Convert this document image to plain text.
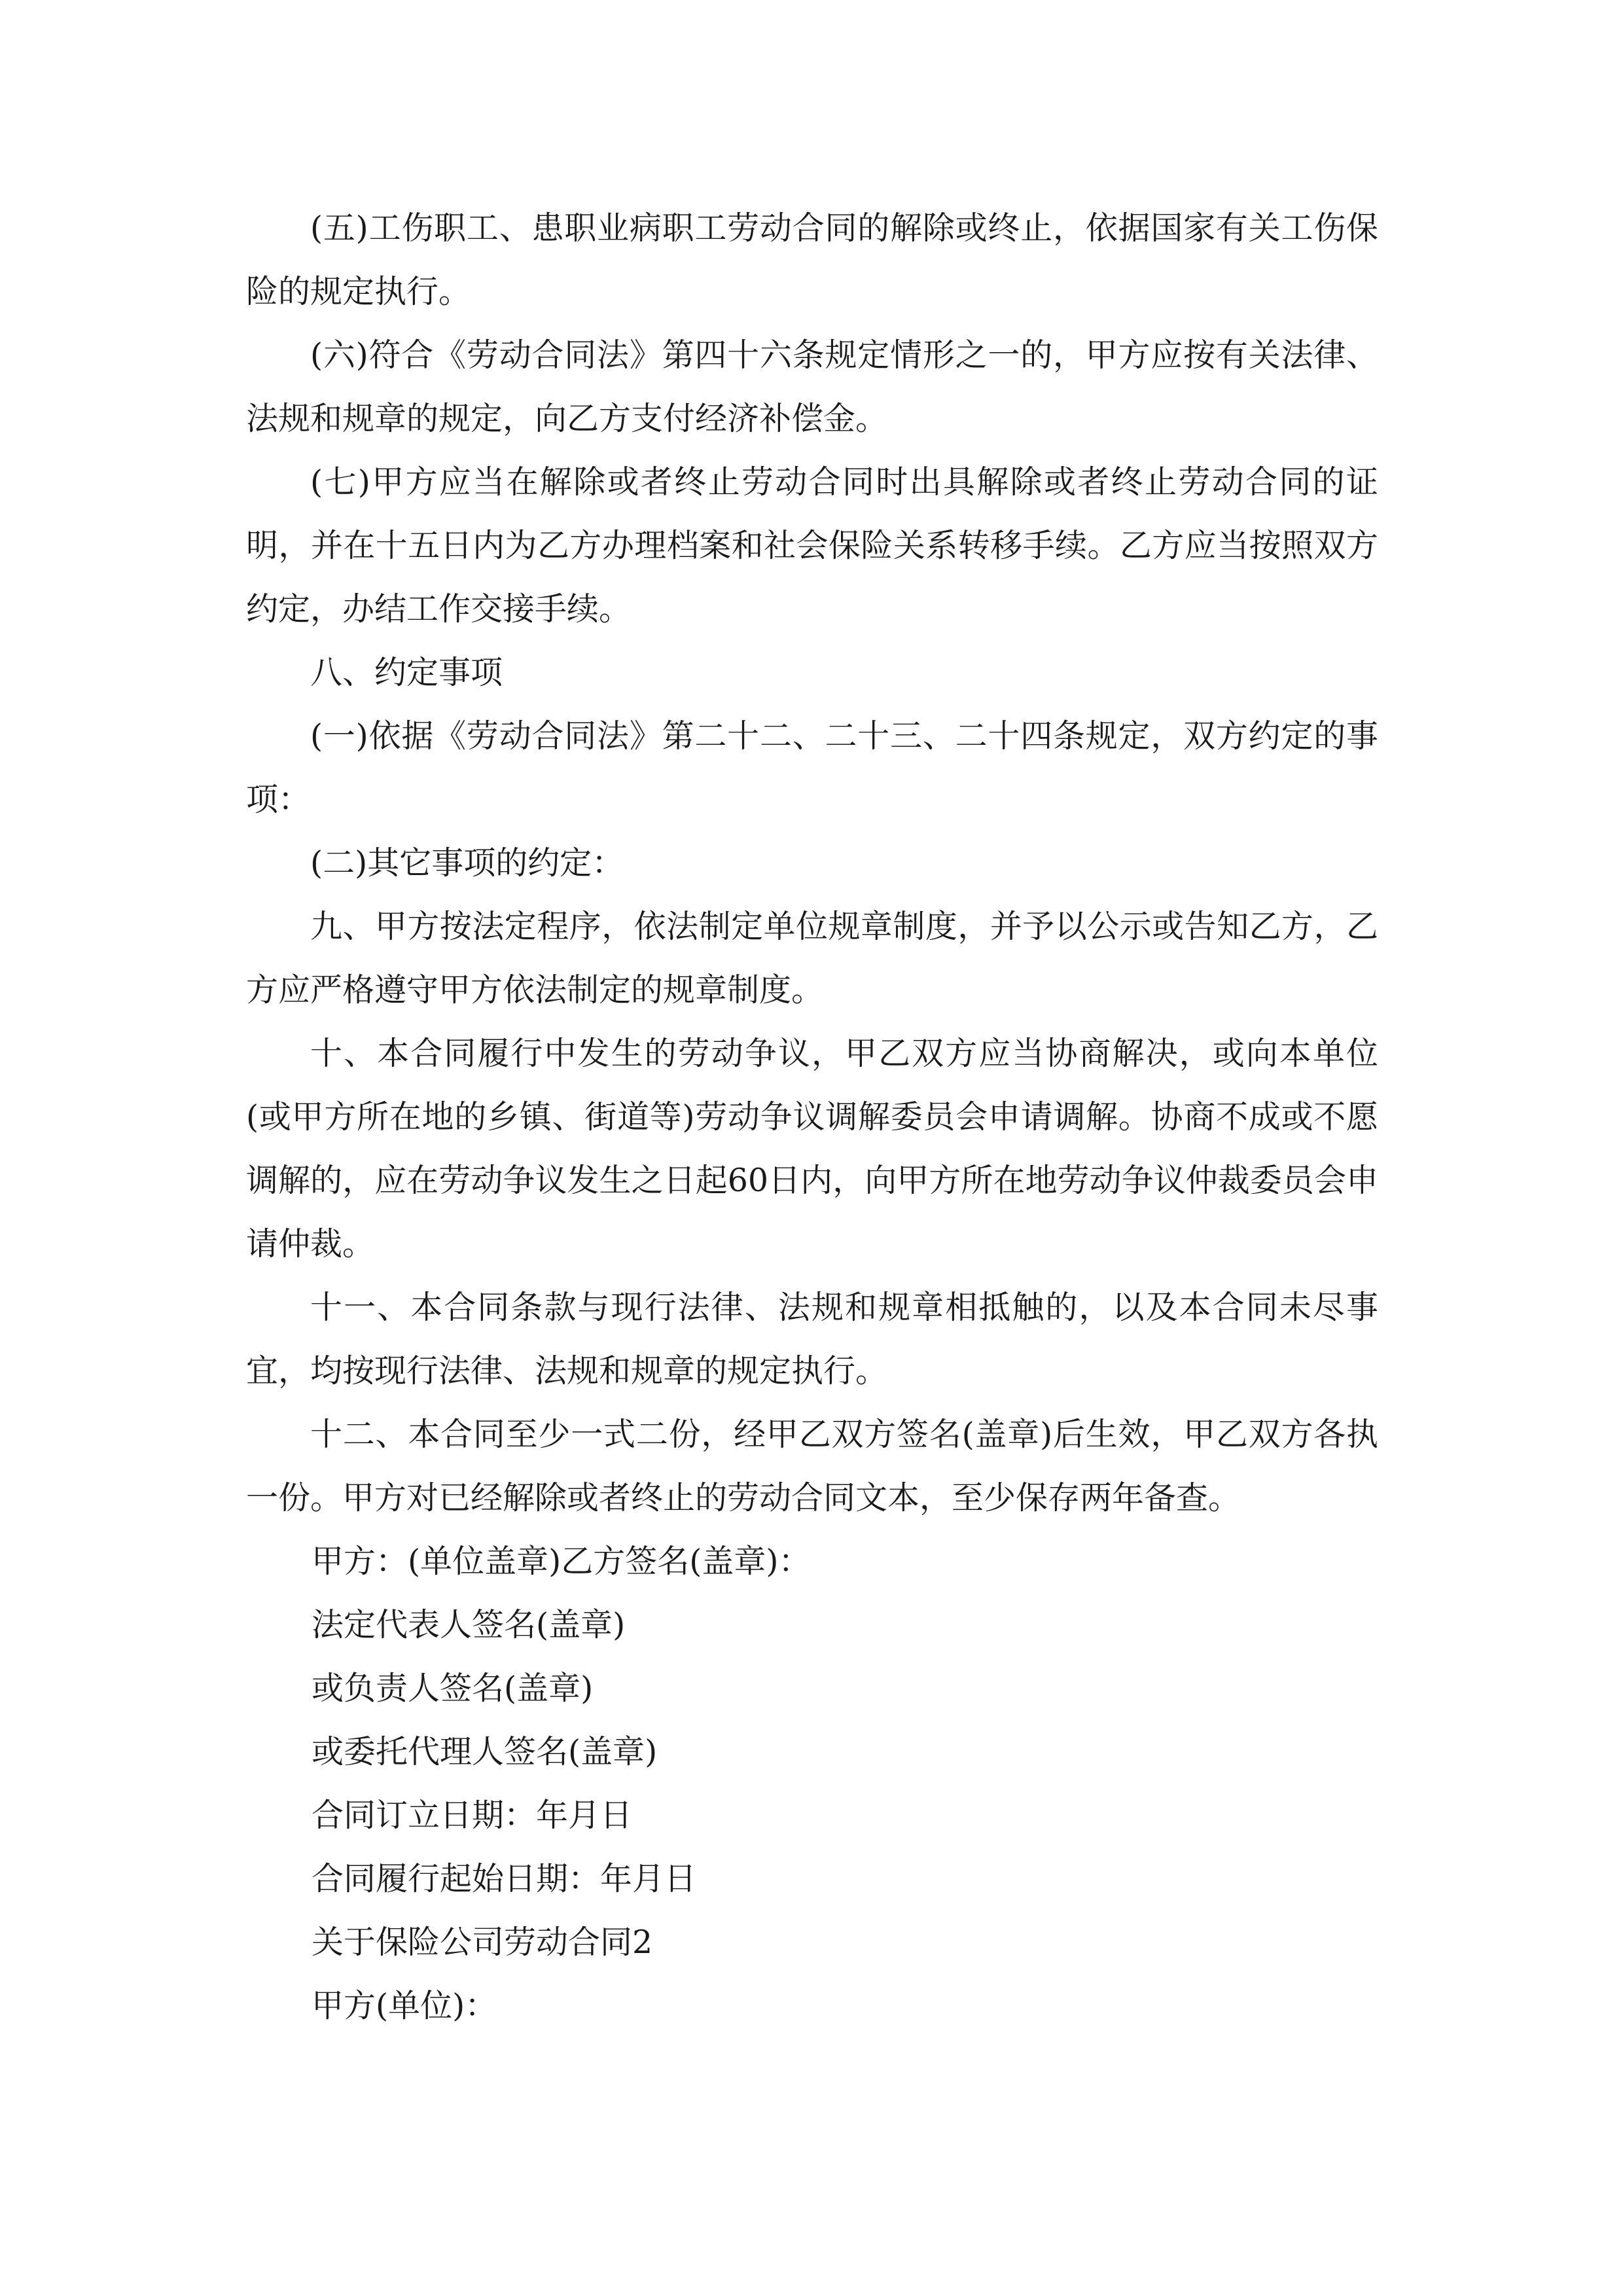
(五)工伤职工、患职业病职工劳动合同的解除或终止，依据国家有关工伤保险的规定执行。

(六)符合《劳动合同法》第四十六条规定情形之一的，甲方应按有关法律、法规和规章的规定，向乙方支付经济补偿金。

(七)甲方应当在解除或者终止劳动合同时出具解除或者终止劳动合同的证明，并在十五日内为乙方办理档案和社会保险关系转移手续。乙方应当按照双方约定，办结工作交接手续。

八、约定事项

(一)依据《劳动合同法》第二十二、二十三、二十四条规定，双方约定的事项：

(二)其它事项的约定：

九、甲方按法定程序，依法制定单位规章制度，并予以公示或告知乙方，乙方应严格遵守甲方依法制定的规章制度。

十、本合同履行中发生的劳动争议，甲乙双方应当协商解决，或向本单位(或甲方所在地的乡镇、街道等)劳动争议调解委员会申请调解。协商不成或不愿调解的，应在劳动争议发生之日起60日内，向甲方所在地劳动争议仲裁委员会申请仲裁。

十一、本合同条款与现行法律、法规和规章相抵触的，以及本合同未尽事宜，均按现行法律、法规和规章的规定执行。

十二、本合同至少一式二份，经甲乙双方签名(盖章)后生效，甲乙双方各执一份。甲方对已经解除或者终止的劳动合同文本，至少保存两年备查。

甲方：(单位盖章)乙方签名(盖章)：

法定代表人签名(盖章)

或负责人签名(盖章)

或委托代理人签名(盖章)

合同订立日期：年月日

合同履行起始日期：年月日

关于保险公司劳动合同2

甲方(单位)：
